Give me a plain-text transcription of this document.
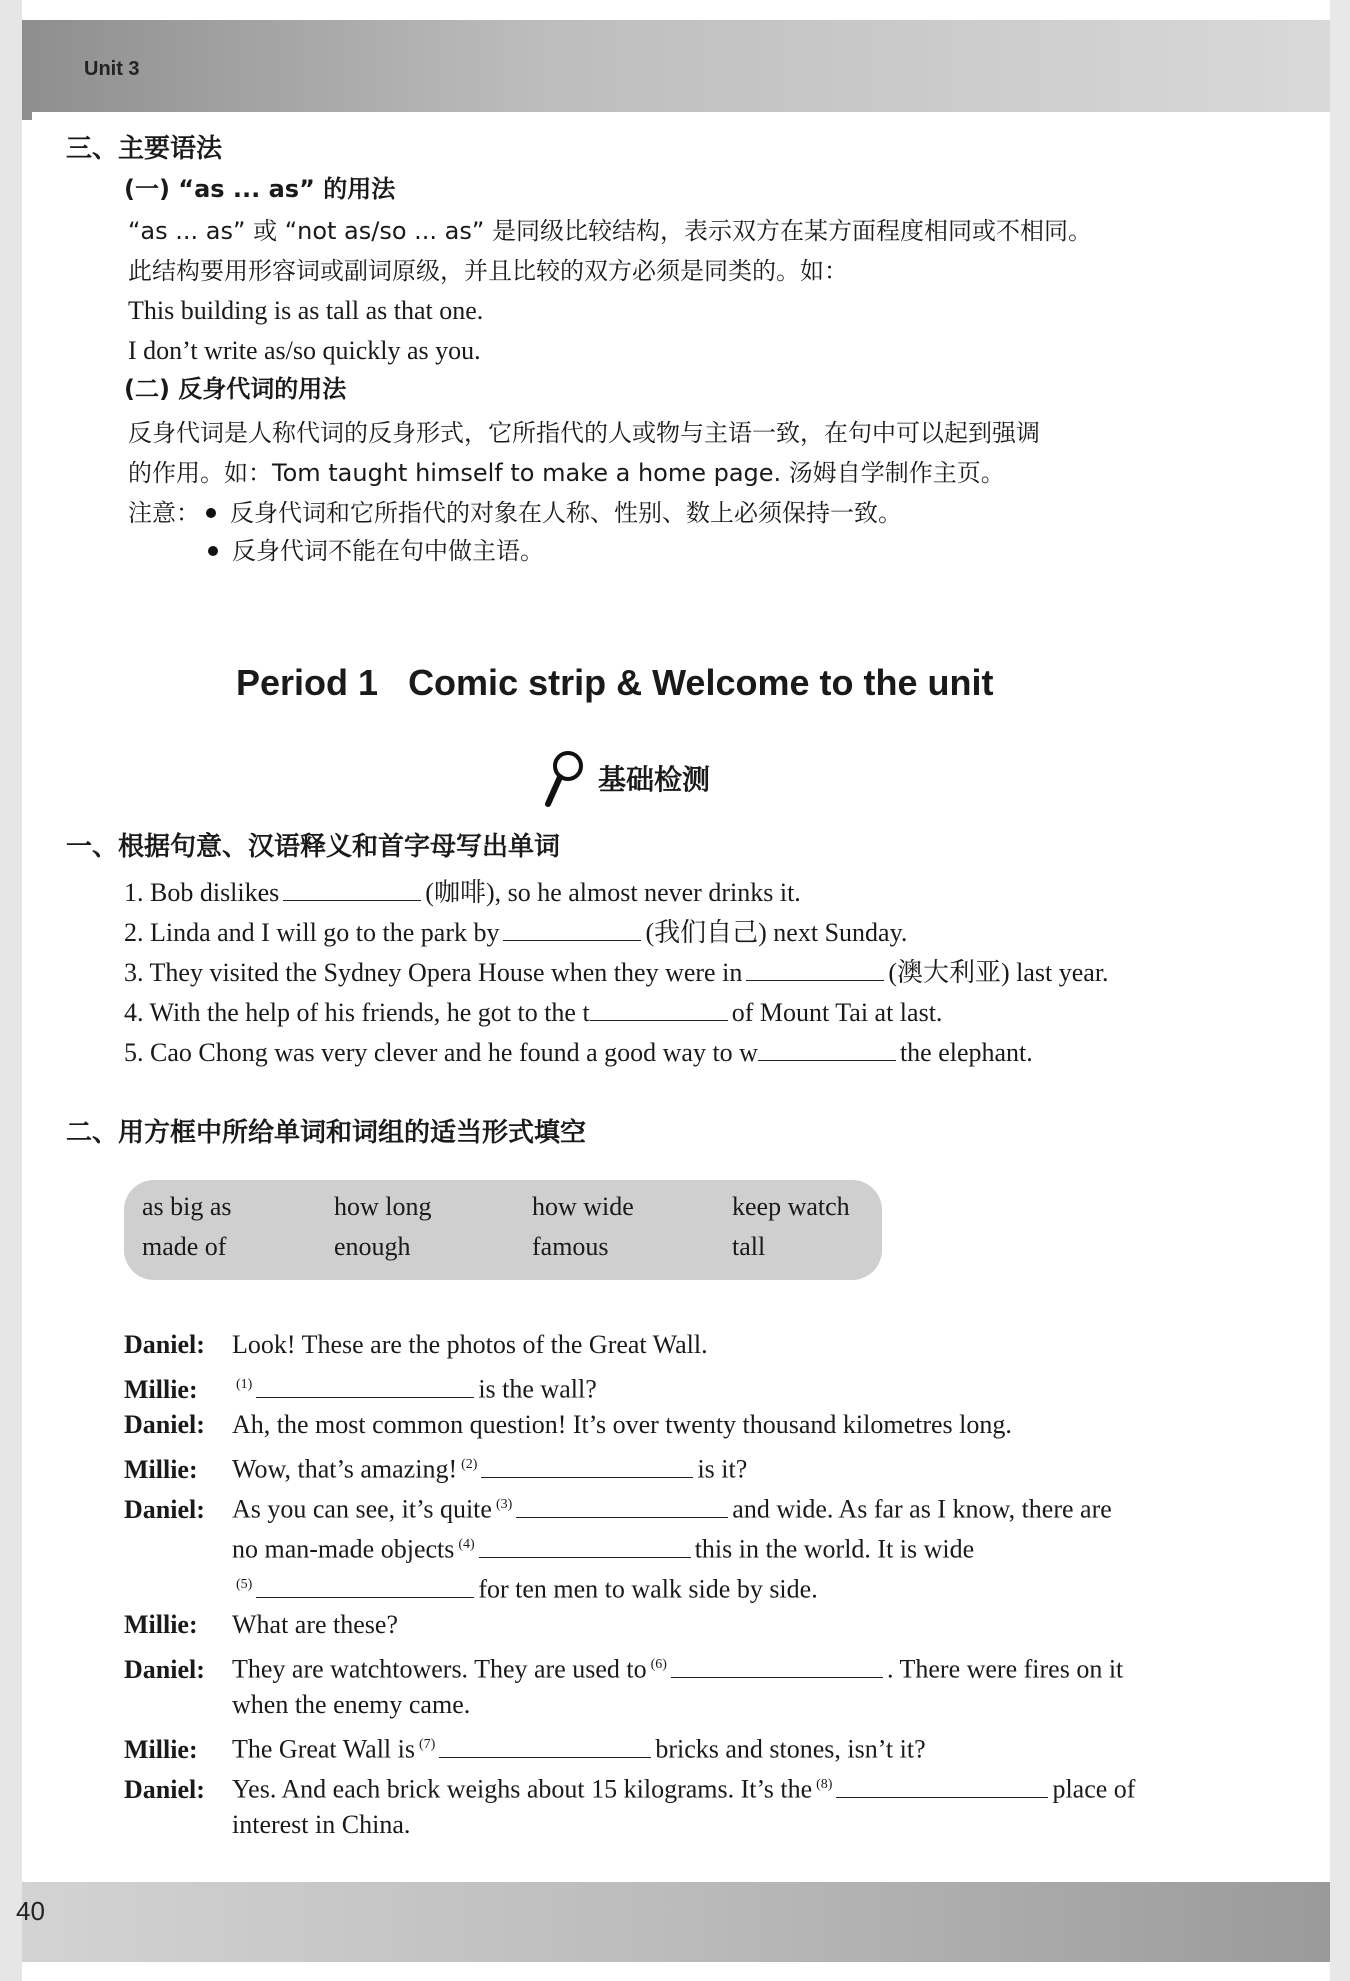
Unit 3
40
三、主要语法
(一) “as ... as” 的用法
“as ... as” 或 “not as/so ... as” 是同级比较结构，表示双方在某方面程度相同或不相同。
此结构要用形容词或副词原级，并且比较的双方必须是同类的。如：
This building is as tall as that one.
I don’t write as/so quickly as you.
(二) 反身代词的用法
反身代词是人称代词的反身形式，它所指代的人或物与主语一致，在句中可以起到强调
的作用。如：Tom taught himself to make a home page. 汤姆自学制作主页。
注意： 反身代词和它所指代的对象在人称、性别、数上必须保持一致。
反身代词不能在句中做主语。
Period 1 Comic strip & Welcome to the unit
基础检测
一、根据句意、汉语释义和首字母写出单词
1. Bob dislikes	(咖啡), so he almost never drinks it.
2. Linda and I will go to the park by	(我们自己) next Sunday.
3. They visited the Sydney Opera House when they were in	(澳大利亚) last year.
4. With the help of his friends, he got to the t	of Mount Tai at last.
5. Cao Chong was very clever and he found a good way to w	the elephant.
二、用方框中所给单词和词组的适当形式填空
as big as	how long	how wide	keep watch
made of	enough	famous	tall
Daniel: Look! These are the photos of the Great Wall.
Millie:	$^{(1)}$	is the wall?
Daniel: Ah, the most common question! It’s over twenty thousand kilometres long.
Millie: Wow, that’s amazing! $^{(2)}$	is it?
Daniel: As you can see, it’s quite $^{(3)}$	and wide. As far as I know, there are
no man-made objects $^{(4)}$	this in the world. It is wide
$^{(5)}$	for ten men to walk side by side.
Millie: What are these?
Daniel: They are watchtowers. They are used to $^{(6)}$	. There were fires on it
when the enemy came.
Millie: The Great Wall is $^{(7)}$	bricks and stones, isn’t it?
Daniel: Yes. And each brick weighs about 15 kilograms. It’s the $^{(8)}$	place of
interest in China.
